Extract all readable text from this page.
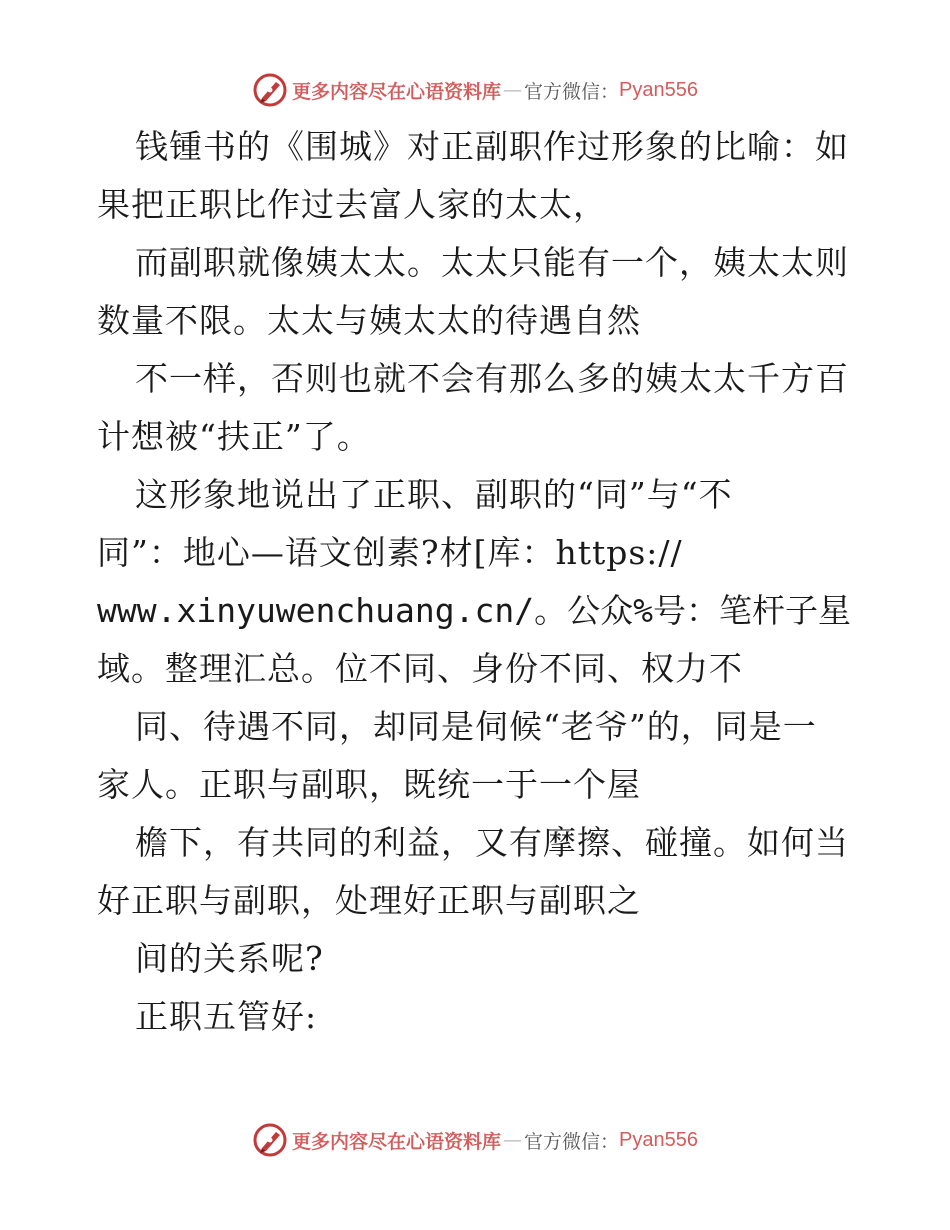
更多内容尽在心语资料库 — 官方微信： Pyan556
钱锺书的《围城》对正副职作过形象的比喻：如
果把正职比作过去富人家的太太，
而副职就像姨太太。太太只能有一个，姨太太则
数量不限。太太与姨太太的待遇自然
不一样，否则也就不会有那么多的姨太太千方百
计想被“扶正”了。
这形象地说出了正职、副职的“同”与“不
同”：地心—语文创素?材[库：https://
www.xinyuwenchuang.cn/。公众%号：笔杆子星
域。整理汇总。位不同、身份不同、权力不
同、待遇不同，却同是伺候“老爷”的，同是一
家人。正职与副职，既统一于一个屋
檐下，有共同的利益，又有摩擦、碰撞。如何当
好正职与副职，处理好正职与副职之
间的关系呢?
正职五管好:
更多内容尽在心语资料库 — 官方微信： Pyan556
